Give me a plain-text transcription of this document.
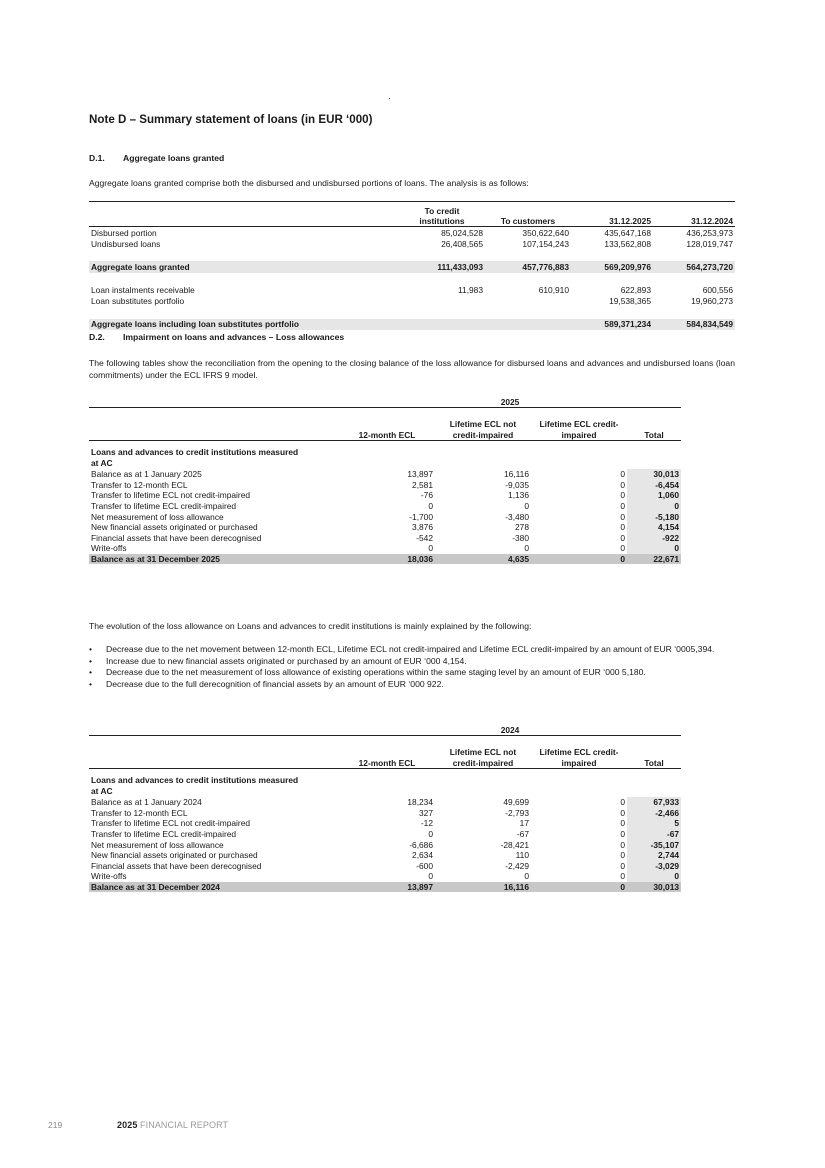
Note D – Summary statement of loans (in EUR ‘000)

D.1. Aggregate loans granted

Aggregate loans granted comprise both the disbursed and undisbursed portions of loans. The analysis is as follows:

	To credit institutions	To customers	31.12.2025	31.12.2024
Disbursed portion	85,024,528	350,622,640	435,647,168	436,253,973
Undisbursed loans	26,408,565	107,154,243	133,562,808	128,019,747

Aggregate loans granted	111,433,093	457,776,883	569,209,976	564,273,720

Loan instalments receivable	11,983	610,910	622,893	600,556
Loan substitutes portfolio			19,538,365	19,960,273

Aggregate loans including loan substitutes portfolio			589,371,234	584,834,549

D.2. Impairment on loans and advances – Loss allowances

The following tables show the reconciliation from the opening to the closing balance of the loss allowance for disbursed loans and advances and undisbursed loans (loan commitments) under the ECL IFRS 9 model.

	2025			
	12-month ECL	Lifetime ECL not credit-impaired	Lifetime ECL credit-impaired	Total

Loans and advances to credit institutions measured at AC				

Balance as at 1 January 2025	13,897	16,116	0	30,013
Transfer to 12-month ECL	2,581	-9,035	0	-6,454
Transfer to lifetime ECL not credit-impaired	-76	1,136	0	1,060
Transfer to lifetime ECL credit-impaired	0	0	0	0
Net measurement of loss allowance	-1,700	-3,480	0	-5,180
New financial assets originated or purchased	3,876	278	0	4,154
Financial assets that have been derecognised	-542	-380	0	-922
Write-offs	0	0	0	0
Balance as at 31 December 2025	18,036	4,635	0	22,671

The evolution of the loss allowance on Loans and advances to credit institutions is mainly explained by the following:

• Decrease due to the net movement between 12-month ECL, Lifetime ECL not credit-impaired and Lifetime ECL credit-impaired by an amount of EUR ‘0005,394.
• Increase due to new financial assets originated or purchased by an amount of EUR ‘000 4,154.
• Decrease due to the net measurement of loss allowance of existing operations within the same staging level by an amount of EUR ‘000 5,180.
• Decrease due to the full derecognition of financial assets by an amount of EUR ‘000 922.
	2024			
	12-month ECL	Lifetime ECL not credit-impaired	Lifetime ECL credit-impaired	Total

Loans and advances to credit institutions measured at AC				

Balance as at 1 January 2024	18,234	49,699	0	67,933
Transfer to 12-month ECL	327	-2,793	0	-2,466
Transfer to lifetime ECL not credit-impaired	-12	17	0	5
Transfer to lifetime ECL credit-impaired	0	-67	0	-67
Net measurement of loss allowance	-6,686	-28,421	0	-35,107
New financial assets originated or purchased	2,634	110	0	2,744
Financial assets that have been derecognised	-600	-2,429	0	-3,029
Write-offs	0	0	0	0
Balance as at 31 December 2024	13,897	16,116	0	30,013
219	2025 FINANCIAL REPORT
